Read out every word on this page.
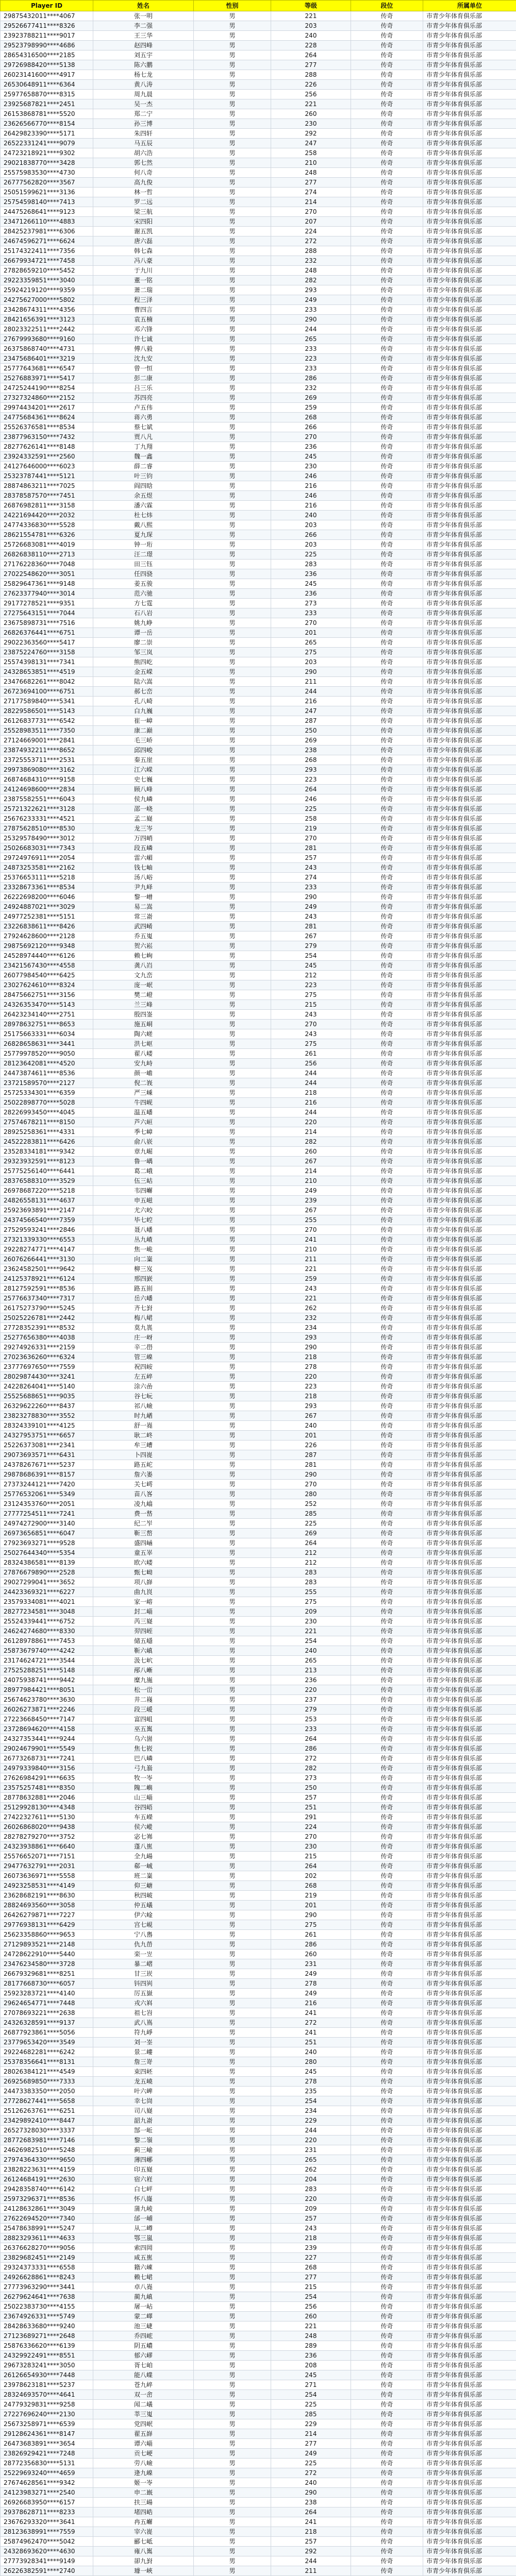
Player ID	姓名	性别	等级	段位	所属单位
29875432011****4067	张一明	男	221	传奇	市青少年体育俱乐部
29526677411****8326	李二强	男	203	传奇	市青少年体育俱乐部
23923788211****9017	王三华	男	240	传奇	市青少年体育俱乐部
29523798990****4686	赵四峰	男	228	传奇	市青少年体育俱乐部
28654316500****2185	刘五宇	男	264	传奇	市青少年体育俱乐部
29726988420****5138	陈六鹏	男	277	传奇	市青少年体育俱乐部
26023141600****4917	杨七龙	男	288	传奇	市青少年体育俱乐部
26530648911****6364	黄八涛	男	226	传奇	市青少年体育俱乐部
25977658870****8315	周九晨	男	256	传奇	市青少年体育俱乐部
23925687821****2451	吴一杰	男	221	传奇	市青少年体育俱乐部
26153868781****5520	郑二宁	男	260	传奇	市青少年体育俱乐部
23626566770****8154	孙三博	男	230	传奇	市青少年体育俱乐部
26429823390****5171	朱四轩	男	292	传奇	市青少年体育俱乐部
26522331241****9079	马五辰	男	247	传奇	市青少年体育俱乐部
24723218921****9302	胡六浩	男	258	传奇	市青少年体育俱乐部
29021838770****3428	郭七然	男	210	传奇	市青少年体育俱乐部
25575983530****4730	何八奇	男	248	传奇	市青少年体育俱乐部
26777562820****3567	高九俊	男	277	传奇	市青少年体育俱乐部
25051599621****3136	林一哲	男	274	传奇	市青少年体育俱乐部
25754598140****7413	罗二远	男	214	传奇	市青少年体育俱乐部
24475268641****9123	梁三航	男	270	传奇	市青少年体育俱乐部
23471266110****4883	宋四阳	男	207	传奇	市青少年体育俱乐部
28425237981****6306	谢五凯	男	224	传奇	市青少年体育俱乐部
24674596271****6624	唐六磊	男	272	传奇	市青少年体育俱乐部
25174322411****7356	韩七森	男	288	传奇	市青少年体育俱乐部
26679934721****7458	冯八豪	男	232	传奇	市青少年体育俱乐部
27828659210****5452	于九川	男	248	传奇	市青少年体育俱乐部
29223359851****3040	董一铭	男	282	传奇	市青少年体育俱乐部
25924219120****9359	萧二瑞	男	293	传奇	市青少年体育俱乐部
24275627000****5802	程三泽	男	249	传奇	市青少年体育俱乐部
23428674311****4356	曹四言	男	233	传奇	市青少年体育俱乐部
28421656391****3123	袁五楠	男	290	传奇	市青少年体育俱乐部
28023322511****2442	邓六锋	男	244	传奇	市青少年体育俱乐部
27679993680****9160	许七诚	男	265	传奇	市青少年体育俱乐部
26375868740****4731	傅八毅	男	233	传奇	市青少年体育俱乐部
23475686401****3219	沈九安	男	223	传奇	市青少年体育俱乐部
25777643681****6547	曾一恒	男	233	传奇	市青少年体育俱乐部
25276883971****5417	彭二康	男	286	传奇	市青少年体育俱乐部
24725244190****8254	吕三乐	男	232	传奇	市青少年体育俱乐部
27327324860****2152	苏四亮	男	269	传奇	市青少年体育俱乐部
29974434201****2617	卢五伟	男	259	传奇	市青少年体育俱乐部
24775684361****8624	蒋六勇	男	268	传奇	市青少年体育俱乐部
25526376581****8534	蔡七斌	男	266	传奇	市青少年体育俱乐部
23877963150****7432	贾八凡	男	270	传奇	市青少年体育俱乐部
28277626141****8148	丁九翔	男	236	传奇	市青少年体育俱乐部
23924332591****2560	魏一鑫	男	245	传奇	市青少年体育俱乐部
24127646000****6023	薛二睿	男	230	传奇	市青少年体育俱乐部
25323787441****5121	叶三钧	男	246	传奇	市青少年体育俱乐部
28874863211****7025	阎四晗	男	216	传奇	市青少年体育俱乐部
28378587570****7451	余五煜	男	246	传奇	市青少年体育俱乐部
26876982811****3158	潘六霖	男	216	传奇	市青少年体育俱乐部
24221694420****2032	杜七炜	男	240	传奇	市青少年体育俱乐部
24774336830****5528	戴八熙	男	203	传奇	市青少年体育俱乐部
28621554781****6326	夏九琛	男	266	传奇	市青少年体育俱乐部
25726683081****4019	钟一珩	男	203	传奇	市青少年体育俱乐部
26826838110****2713	汪二璟	男	225	传奇	市青少年体育俱乐部
27176228360****7048	田三钰	男	283	传奇	市青少年体育俱乐部
27022548620****3051	任四骁	男	236	传奇	市青少年体育俱乐部
25829647361****9148	姜五骏	男	245	传奇	市青少年体育俱乐部
27623377940****3014	范六驰	男	236	传奇	市青少年体育俱乐部
29177278521****9351	方七霆	男	273	传奇	市青少年体育俱乐部
27275643151****7044	石八岩	男	233	传奇	市青少年体育俱乐部
23675898731****7516	姚九峥	男	270	传奇	市青少年体育俱乐部
26826376441****6751	谭一岳	男	201	传奇	市青少年体育俱乐部
29022363560****5417	廖二崇	男	265	传奇	市青少年体育俱乐部
23875224760****3158	邹三岚	男	275	传奇	市青少年体育俱乐部
25574398131****7341	熊四屹	男	203	传奇	市青少年体育俱乐部
24328653851****4519	金五嵘	男	290	传奇	市青少年体育俱乐部
23476682261****8042	陆六嵩	男	211	传奇	市青少年体育俱乐部
26723694100****6751	郝七峦	男	244	传奇	市青少年体育俱乐部
27177589840****5341	孔八崎	男	216	传奇	市青少年体育俱乐部
28229586501****5143	白九巍	男	247	传奇	市青少年体育俱乐部
26126837731****6542	崔一嶂	男	287	传奇	市青少年体育俱乐部
25528983511****7350	康二巅	男	250	传奇	市青少年体育俱乐部
27124669001****2841	毛三峤	男	269	传奇	市青少年体育俱乐部
23874932211****8652	邱四峻	男	238	传奇	市青少年体育俱乐部
23725553711****2531	秦五崖	男	268	传奇	市青少年体育俱乐部
29973869080****3162	江六嵘	男	293	传奇	市青少年体育俱乐部
26874684310****9158	史七巍	男	223	传奇	市青少年体育俱乐部
24124698600****2834	顾八峰	男	264	传奇	市青少年体育俱乐部
23875582551****6043	侯九嶙	男	246	传奇	市青少年体育俱乐部
25721322621****3128	邵一峣	男	225	传奇	市青少年体育俱乐部
25676233331****4521	孟二嶷	男	258	传奇	市青少年体育俱乐部
27875628510****8530	龙三岑	男	219	传奇	市青少年体育俱乐部
25329578490****3012	万四峭	男	270	传奇	市青少年体育俱乐部
25026683031****7343	段五嶙	男	281	传奇	市青少年体育俱乐部
29724976911****2054	雷六嵋	男	257	传奇	市青少年体育俱乐部
24873253581****2162	钱七岫	男	243	传奇	市青少年体育俱乐部
25376653111****5218	汤八峪	男	274	传奇	市青少年体育俱乐部
23328673361****8534	尹九峄	男	233	传奇	市青少年体育俱乐部
26222698200****6046	黎一嶒	男	290	传奇	市青少年体育俱乐部
24924887021****3029	易二嵩	男	249	传奇	市青少年体育俱乐部
24977252381****5151	常三嵛	男	243	传奇	市青少年体育俱乐部
23226838611****8426	武四崤	男	281	传奇	市青少年体育俱乐部
27924628600****2128	乔五嵬	男	267	传奇	市青少年体育俱乐部
29875692120****9348	贺六崧	男	279	传奇	市青少年体育俱乐部
24528974440****6126	赖七峋	男	254	传奇	市青少年体育俱乐部
23421567430****4558	龚八岿	男	245	传奇	市青少年体育俱乐部
26077984540****6425	文九峦	男	212	传奇	市青少年体育俱乐部
23027624610****8324	庞一岷	男	223	传奇	市青少年体育俱乐部
28475662751****3156	樊二嶝	男	275	传奇	市青少年体育俱乐部
24326353470****5143	兰三峰	男	215	传奇	市青少年体育俱乐部
26423234140****2751	殷四崟	男	243	传奇	市青少年体育俱乐部
28978632751****8653	施五峒	男	270	传奇	市青少年体育俱乐部
25175663331****6034	陶六嵯	男	243	传奇	市青少年体育俱乐部
26828658631****3441	洪七岖	男	275	传奇	市青少年体育俱乐部
25779978520****9050	翟八嵝	男	261	传奇	市青少年体育俱乐部
28123642081****4520	安九峙	男	256	传奇	市青少年体育俱乐部
24473874611****8536	颜一嶦	男	244	传奇	市青少年体育俱乐部
23721589570****2127	倪二峩	男	244	传奇	市青少年体育俱乐部
25725334301****6359	严三嵊	男	218	传奇	市青少年体育俱乐部
25022898770****5028	牛四岘	男	216	传奇	市青少年体育俱乐部
28226993450****4045	温五嶓	男	244	传奇	市青少年体育俱乐部
27574678211****8150	芦六峘	男	220	传奇	市青少年体育俱乐部
28925258361****4331	季七嶂	男	214	传奇	市青少年体育俱乐部
24522283811****6426	俞八嵚	男	282	传奇	市青少年体育俱乐部
23528334181****9342	章九崛	男	260	传奇	市青少年体育俱乐部
29323932591****8123	鲁一嵎	男	267	传奇	市青少年体育俱乐部
25775256140****6441	葛二峨	男	214	传奇	市青少年体育俱乐部
28376588310****3529	伍三岵	男	210	传奇	市青少年体育俱乐部
26978687220****5218	韦四嶰	男	249	传奇	市青少年体育俱乐部
24826558131****4637	申五嵫	男	239	传奇	市青少年体育俱乐部
25923693891****2147	尤六峧	男	267	传奇	市青少年体育俱乐部
24374566540****7359	毕七崆	男	255	传奇	市青少年体育俱乐部
27529593241****2846	聂八嶓	男	270	传奇	市青少年体育俱乐部
27321339330****6553	丛九嵖	男	241	传奇	市青少年体育俱乐部
29228274771****4147	焦一峗	男	210	传奇	市青少年体育俱乐部
26076266441****3130	向二嶪	男	211	传奇	市青少年体育俱乐部
23624582501****9642	柳三岌	男	221	传奇	市青少年体育俱乐部
24125378921****6124	邢四嶔	男	259	传奇	市青少年体育俱乐部
28127592591****8536	路五崱	男	243	传奇	市青少年体育俱乐部
25776637340****7317	岳六嶓	男	221	传奇	市青少年体育俱乐部
26175273790****5245	齐七崶	男	262	传奇	市青少年体育俱乐部
25025226781****2442	梅八峮	男	232	传奇	市青少年体育俱乐部
27728352391****8532	莫九嵔	男	234	传奇	市青少年体育俱乐部
25277656380****4038	庄一岈	男	293	传奇	市青少年体育俱乐部
29274926331****2159	辛二嶨	男	290	传奇	市青少年体育俱乐部
27023636260****6324	管三嵲	男	218	传奇	市青少年体育俱乐部
23777697650****7559	祝四峖	男	278	传奇	市青少年体育俱乐部
28029874430****3241	左五崪	男	220	传奇	市青少年体育俱乐部
24228264041****5140	涂六嵒	男	223	传奇	市青少年体育俱乐部
25525688651****9035	谷七岏	男	218	传奇	市青少年体育俱乐部
26329622260****8437	祁八嶮	男	293	传奇	市青少年体育俱乐部
23823278830****3552	时九崷	男	267	传奇	市青少年体育俱乐部
28324339101****4125	舒一嶤	男	240	传奇	市青少年体育俱乐部
24327953751****6657	耿二峂	男	201	传奇	市青少年体育俱乐部
25226373081****2341	牟三嶆	男	226	传奇	市青少年体育俱乐部
29073693571****6431	卜四嵸	男	287	传奇	市青少年体育俱乐部
24378267671****5237	路五岮	男	281	传奇	市青少年体育俱乐部
29878686391****8157	詹六崣	男	290	传奇	市青少年体育俱乐部
27373244121****7420	关七嶀	男	270	传奇	市青少年体育俱乐部
25776532061****5349	苗八峉	男	280	传奇	市青少年体育俱乐部
23124353760****2051	凌九嶖	男	252	传奇	市青少年体育俱乐部
27777254511****7241	费一嵆	男	285	传奇	市青少年体育俱乐部
24974272900****3140	纪二岝	男	225	传奇	市青少年体育俱乐部
26973656851****6047	靳三嶅	男	269	传奇	市青少年体育俱乐部
27923693271****9528	盛四崡	男	264	传奇	市青少年体育俱乐部
25027644340****5354	童五峷	男	212	传奇	市青少年体育俱乐部
28324386581****8139	欧六嵝	男	212	传奇	市青少年体育俱乐部
27876679890****2528	甄七岰	男	283	传奇	市青少年体育俱乐部
29027299041****3652	项八嶭	男	283	传奇	市青少年体育俱乐部
24423369321****6227	曲九峎	男	255	传奇	市青少年体育俱乐部
23579334081****4021	家一嵱	男	275	传奇	市青少年体育俱乐部
28277234581****3048	封二崰	男	209	传奇	市青少年体育俱乐部
25524339441****6752	芮三嶷	男	230	传奇	市青少年体育俱乐部
24624274680****8330	羿四峌	男	221	传奇	市青少年体育俱乐部
26128978861****7453	储五嶾	男	254	传奇	市青少年体育俱乐部
25873679740****4242	靳六嵮	男	240	传奇	市青少年体育俱乐部
23174624721****3544	汲七岤	男	265	传奇	市青少年体育俱乐部
27525288251****5148	邴八嶃	男	213	传奇	市青少年体育俱乐部
24075938741****9442	糜九崺	男	236	传奇	市青少年体育俱乐部
28977984421****8051	松一峃	男	220	传奇	市青少年体育俱乐部
25674623780****3630	井二嶘	男	237	传奇	市青少年体育俱乐部
26026273871****2246	段三嵈	男	279	传奇	市青少年体育俱乐部
27223668450****7147	富四岨	男	253	传奇	市青少年体育俱乐部
23728694620****4158	巫五嶲	男	233	传奇	市青少年体育俱乐部
24327353441****9244	乌六崮	男	264	传奇	市青少年体育俱乐部
29024679901****5549	焦七峳	男	286	传奇	市青少年体育俱乐部
26773268731****7241	巴八嶙	男	272	传奇	市青少年体育俱乐部
24979339840****3156	弓九嵡	男	282	传奇	市青少年体育俱乐部
27626984291****6635	牧一岺	男	273	传奇	市青少年体育俱乐部
23575257481****8350	隗二嶼	男	250	传奇	市青少年体育俱乐部
28778632881****2046	山三崰	男	257	传奇	市青少年体育俱乐部
25129928130****4348	谷四峿	男	251	传奇	市青少年体育俱乐部
27422327611****5130	车五嶸	男	291	传奇	市青少年体育俱乐部
26026868020****9438	侯六嵷	男	224	传奇	市青少年体育俱乐部
28278279270****3752	宓七岪	男	270	传奇	市青少年体育俱乐部
24323938861****6640	蓬八嶣	男	230	传奇	市青少年体育俱乐部
25576652071****7151	全九崵	男	215	传奇	市青少年体育俱乐部
29477632791****2031	郗一峸	男	264	传奇	市青少年体育俱乐部
26073636971****5558	班二嶪	男	202	传奇	市青少年体育俱乐部
24923258531****4149	仰三嵣	男	268	传奇	市青少年体育俱乐部
23628682191****8630	秋四岥	男	219	传奇	市青少年体育俱乐部
28824693560****3058	仲五嶬	男	201	传奇	市青少年体育俱乐部
26426279871****7227	伊六崯	男	290	传奇	市青少年体育俱乐部
29776938131****6429	宫七峴	男	275	传奇	市青少年体育俱乐部
25623358860****9653	宁八嶴	男	261	传奇	市青少年体育俱乐部
27129893521****2148	仇九嵤	男	286	传奇	市青少年体育俱乐部
24728622910****5440	栾一岦	男	260	传奇	市青少年体育俱乐部
23476234580****3728	暴二嶍	男	231	传奇	市青少年体育俱乐部
26679329681****8251	甘三崁	男	249	传奇	市青少年体育俱乐部
28177668730****6057	钭四峛	男	278	传奇	市青少年体育俱乐部
25923283721****4140	厉五嶽	男	249	传奇	市青少年体育俱乐部
29624654771****7448	戎六嵙	男	216	传奇	市青少年体育俱乐部
27078693221****2638	祖七岧	男	241	传奇	市青少年体育俱乐部
24326328591****9137	武八嶌	男	272	传奇	市青少年体育俱乐部
26877923861****5056	符九崢	男	241	传奇	市青少年体育俱乐部
23779653420****3549	刘一峑	男	251	传奇	市青少年体育俱乐部
29224682281****6242	景二嶁	男	240	传奇	市青少年体育俱乐部
25378356641****8131	詹三嵜	男	280	传奇	市青少年体育俱乐部
28026384121****4549	束四岯	男	245	传奇	市青少年体育俱乐部
26925689850****7333	龙五嶢	男	278	传奇	市青少年体育俱乐部
24473383350****2050	叶六崥	男	235	传奇	市青少年体育俱乐部
27728627441****5658	幸七峝	男	254	传奇	市青少年体育俱乐部
25126263761****6251	司八嶷	男	234	传奇	市青少年体育俱乐部
23429892410****8447	韶九嵛	男	229	传奇	市青少年体育俱乐部
26527328030****3337	郜一岴	男	244	传奇	市青少年体育俱乐部
28772683981****7146	黎二嶺	男	220	传奇	市青少年体育俱乐部
24626982510****5248	蓟三崳	男	231	传奇	市青少年体育俱乐部
27974364330****9650	薄四峫	男	265	传奇	市青少年体育俱乐部
23828223631****4159	印五嶷	男	262	传奇	市青少年体育俱乐部
26124684191****2630	宿六嵀	男	204	传奇	市青少年体育俱乐部
29428358740****6142	白七岼	男	283	传奇	市青少年体育俱乐部
25973296371****8536	怀八嶐	男	220	传奇	市青少年体育俱乐部
24128632861****3049	蒲九崚	男	209	传奇	市青少年体育俱乐部
27622694520****7340	邰一峬	男	257	传奇	市青少年体育俱乐部
25478638991****5247	从二嶟	男	243	传奇	市青少年体育俱乐部
28823293611****4633	鄂三嵐	男	218	传奇	市青少年体育俱乐部
26376628270****9056	索四岡	男	239	传奇	市青少年体育俱乐部
23829682451****2149	咸五嶣	男	227	传奇	市青少年体育俱乐部
29324373331****6558	籍六崠	男	268	传奇	市青少年体育俱乐部
24926628861****8243	赖七峮	男	277	传奇	市青少年体育俱乐部
27773963290****3441	卓八嶤	男	215	传奇	市青少年体育俱乐部
26279624641****7638	蔺九嵮	男	254	传奇	市青少年体育俱乐部
25022383730****4155	屠一岾	男	256	传奇	市青少年体育俱乐部
23674926331****5749	蒙二嶧	男	260	传奇	市青少年体育俱乐部
28428633680****9240	池三崨	男	221	传奇	市青少年体育俱乐部
27123689271****2648	乔四峵	男	248	传奇	市青少年体育俱乐部
25876336620****6139	阴五嶩	男	289	传奇	市青少年体育俱乐部
24329922491****8551	郁六嵺	男	236	传奇	市青少年体育俱乐部
29673283241****3050	胥七岶	男	208	传奇	市青少年体育俱乐部
26126654930****7448	能八嶫	男	245	传奇	市青少年体育俱乐部
23978623181****5237	苍九崪	男	271	传奇	市青少年体育俱乐部
28324693570****4641	双一峹	男	254	传奇	市青少年体育俱乐部
24779329831****9258	闻二嶬	男	225	传奇	市青少年体育俱乐部
27227696240****2130	莘三嵬	男	285	传奇	市青少年体育俱乐部
25673258971****6539	党四岷	男	229	传奇	市青少年体育俱乐部
29128624361****8147	翟五嶭	男	214	传奇	市青少年体育俱乐部
26473683891****3654	谭六崰	男	277	传奇	市青少年体育俱乐部
23826929421****7248	贡七峺	男	249	传奇	市青少年体育俱乐部
28772356830****5131	劳八嶮	男	225	传奇	市青少年体育俱乐部
25229693240****4659	逄九嵲	男	272	传奇	市青少年体育俱乐部
27674628561****9342	姬一岺	男	240	传奇	市青少年体育俱乐部
24123983271****2540	申二嶯	男	290	传奇	市青少年体育俱乐部
26926683950****6157	扶三崵	男	238	传奇	市青少年体育俱乐部
29378628711****8233	堵四峼	男	264	传奇	市青少年体育俱乐部
23676293320****3641	冉五嶰	男	241	传奇	市青少年体育俱乐部
28123638991****7559	宰六嵸	男	218	传奇	市青少年体育俱乐部
25874962470****5042	郦七岻	男	257	传奇	市青少年体育俱乐部
24328693620****4630	雍八嶲	男	292	传奇	市青少年体育俱乐部
27773928341****9149	卻九崶	男	244	传奇	市青少年体育俱乐部
26226382591****2740	璩一峽	男	211	传奇	市青少年体育俱乐部
